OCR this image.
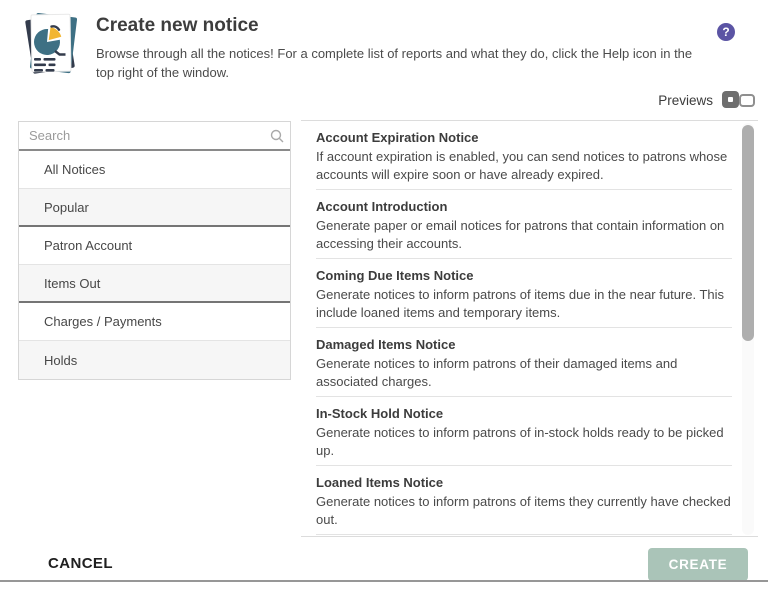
Create new notice
Browse through all the notices! For a complete list of reports and what they do, click the Help icon in the top right of the window.
?
Previews
Search
All Notices
Popular
Patron Account
Items Out
Charges / Payments
Holds
Account Expiration Notice
If account expiration is enabled, you can send notices to patrons whose accounts will expire soon or have already expired.
Account Introduction
Generate paper or email notices for patrons that contain information on accessing their accounts.
Coming Due Items Notice
Generate notices to inform patrons of items due in the near future. This include loaned items and temporary items.
Damaged Items Notice
Generate notices to inform patrons of their damaged items and associated charges.
In-Stock Hold Notice
Generate notices to inform patrons of in-stock holds ready to be picked up.
Loaned Items Notice
Generate notices to inform patrons of items they currently have checked out.
CANCEL	CREATE
